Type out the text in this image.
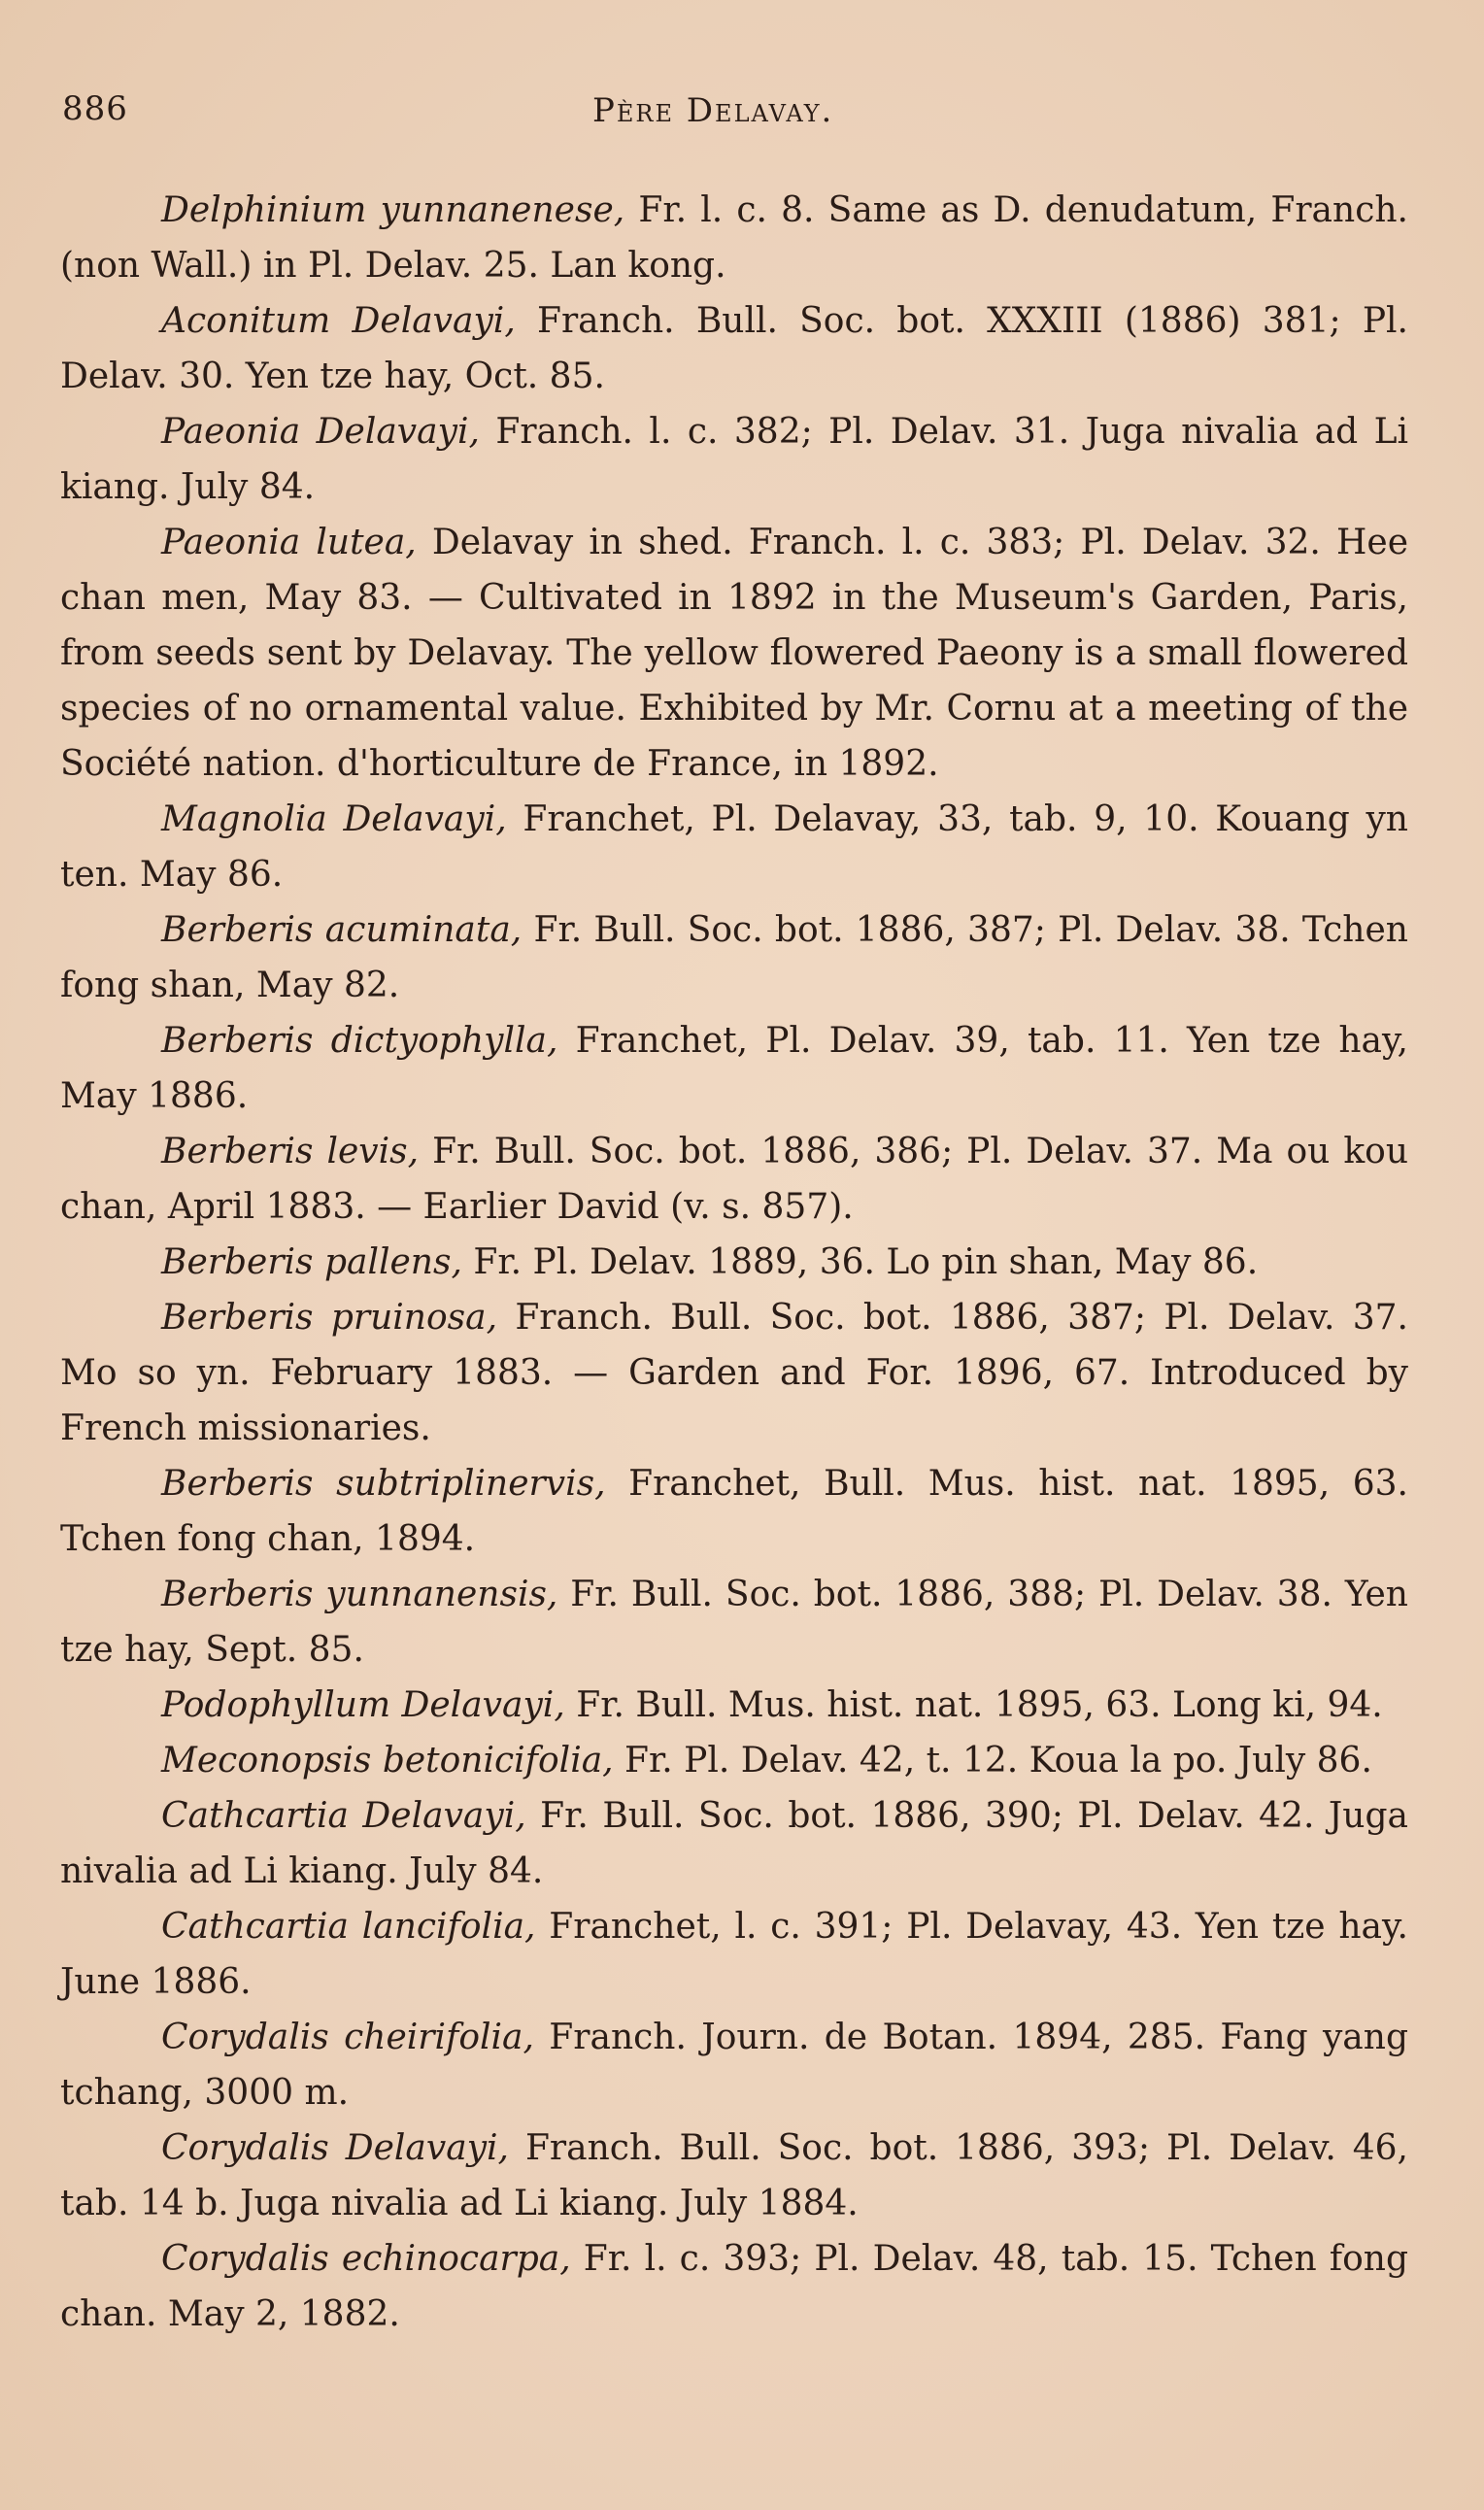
886	Père Delavay.

Delphinium yunnanenese, Fr. l. c. 8. Same as D. denudatum, Franch. (non Wall.) in Pl. Delav. 25. Lan kong.

Aconitum Delavayi, Franch. Bull. Soc. bot. XXXIII (1886) 381; Pl. Delav. 30. Yen tze hay, Oct. 85.

Paeonia Delavayi, Franch. l. c. 382; Pl. Delav. 31. Juga nivalia ad Li kiang. July 84.

Paeonia lutea, Delavay in shed. Franch. l. c. 383; Pl. Delav. 32. Hee chan men, May 83. — Cultivated in 1892 in the Museum's Garden, Paris, from seeds sent by Delavay. The yellow flowered Paeony is a small flowered species of no ornamental value. Exhibited by Mr. Cornu at a meeting of the Société nation. d'horticulture de France, in 1892.

Magnolia Delavayi, Franchet, Pl. Delavay, 33, tab. 9, 10. Kouang yn ten. May 86.

Berberis acuminata, Fr. Bull. Soc. bot. 1886, 387; Pl. Delav. 38. Tchen fong shan, May 82.

Berberis dictyophylla, Franchet, Pl. Delav. 39, tab. 11. Yen tze hay, May 1886.

Berberis levis, Fr. Bull. Soc. bot. 1886, 386; Pl. Delav. 37. Ma ou kou chan, April 1883. — Earlier David (v. s. 857).

Berberis pallens, Fr. Pl. Delav. 1889, 36. Lo pin shan, May 86.

Berberis pruinosa, Franch. Bull. Soc. bot. 1886, 387; Pl. Delav. 37. Mo so yn. February 1883. — Garden and For. 1896, 67. Introduced by French missionaries.

Berberis subtriplinervis, Franchet, Bull. Mus. hist. nat. 1895, 63. Tchen fong chan, 1894.

Berberis yunnanensis, Fr. Bull. Soc. bot. 1886, 388; Pl. Delav. 38. Yen tze hay, Sept. 85.

Podophyllum Delavayi, Fr. Bull. Mus. hist. nat. 1895, 63. Long ki, 94.

Meconopsis betonicifolia, Fr. Pl. Delav. 42, t. 12. Koua la po. July 86.

Cathcartia Delavayi, Fr. Bull. Soc. bot. 1886, 390; Pl. Delav. 42. Juga nivalia ad Li kiang. July 84.

Cathcartia lancifolia, Franchet, l. c. 391; Pl. Delavay, 43. Yen tze hay. June 1886.

Corydalis cheirifolia, Franch. Journ. de Botan. 1894, 285. Fang yang tchang, 3000 m.

Corydalis Delavayi, Franch. Bull. Soc. bot. 1886, 393; Pl. Delav. 46, tab. 14 b. Juga nivalia ad Li kiang. July 1884.

Corydalis echinocarpa, Fr. l. c. 393; Pl. Delav. 48, tab. 15. Tchen fong chan. May 2, 1882.
